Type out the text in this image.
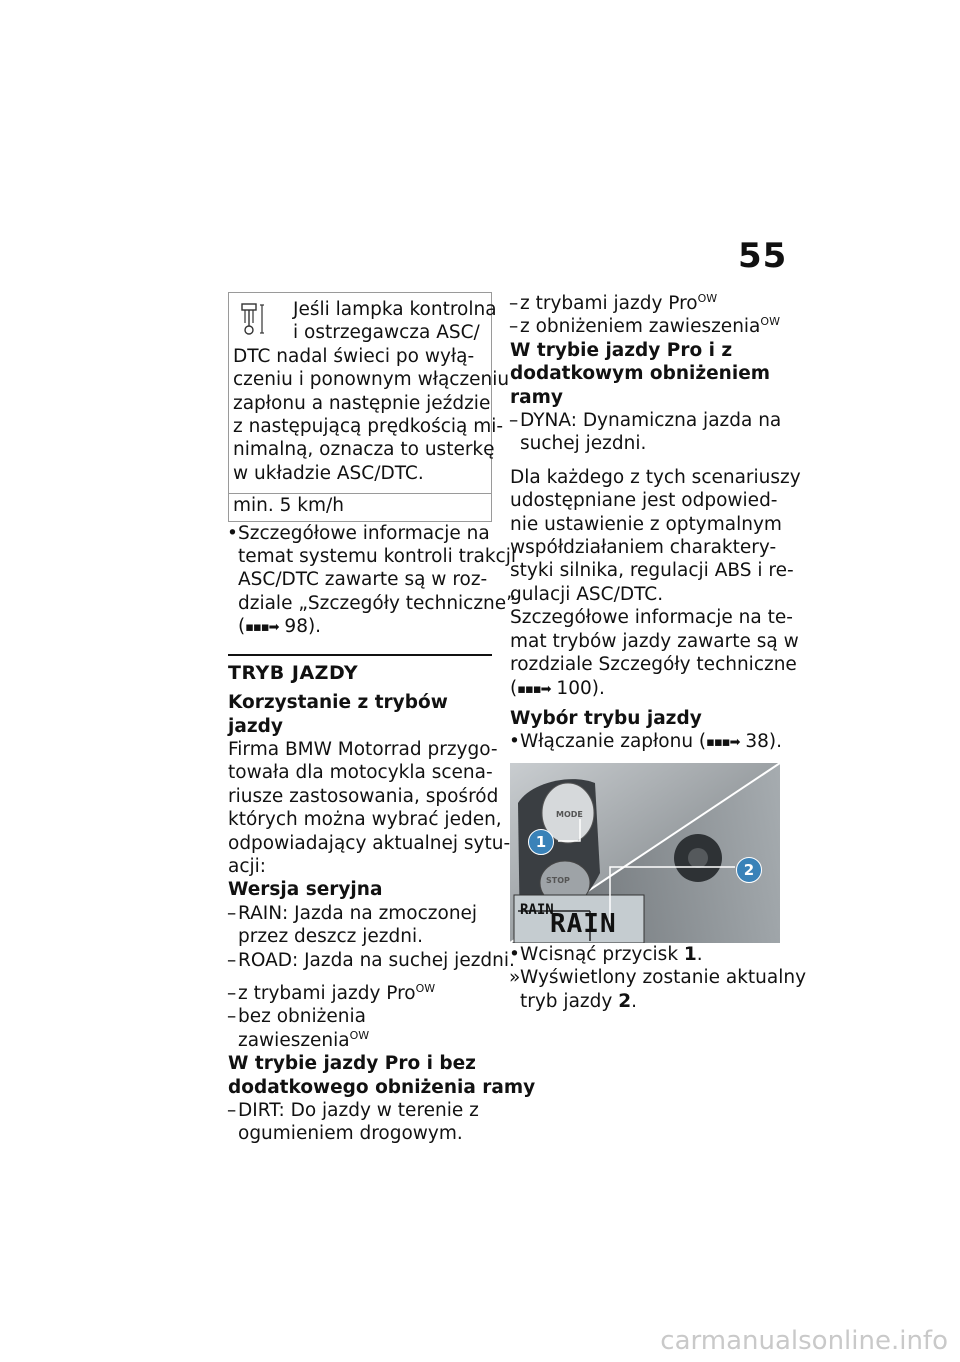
55
Jeśli lampka kontrolna
i ostrzegawcza ASC/
DTC nadal świeci po wyłą-
czeniu i ponownym włączeniu
zapłonu a następnie jeździe
z następującą prędkością mi-
nimalną, oznacza to usterkę
w układzie ASC/DTC.
min. 5 km/h
• Szczegółowe informacje na
temat systemu kontroli trakcji
ASC/DTC zawarte są w roz-
dziale „Szczegóły techniczne”
(▪▪▪➡ 98).
TRYB JAZDY
Korzystanie z trybów jazdy
Firma BMW Motorrad przygo-
towała dla motocykla scena-
riusze zastosowania, spośród
których można wybrać jeden,
odpowiadający aktualnej sytu-
acji:
Wersja seryjna
– RAIN: Jazda na zmoczonej
przez deszcz jezdni.
– ROAD: Jazda na suchej jezdni.
– z trybami jazdy Pro$^{OW}$
– bez obniżenia zawieszenia$^{OW}$
W trybie jazdy Pro i bez
dodatkowego obniżenia ramy
– DIRT: Do jazdy w terenie z
ogumieniem drogowym.
– z trybami jazdy Pro$^{OW}$
– z obniżeniem zawieszenia$^{OW}$
W trybie jazdy Pro i z
dodatkowym obniżeniem
ramy
– DYNA: Dynamiczna jazda na
suchej jezdni.
Dla każdego z tych scenariuszy
udostępniane jest odpowied-
nie ustawienie z optymalnym
współdziałaniem charaktery-
styki silnika, regulacji ABS i re-
gulacji ASC/DTC.
Szczegółowe informacje na te-
mat trybów jazdy zawarte są w
rozdziale Szczegóły techniczne
(▪▪▪➡ 100).
Wybór trybu jazdy
• Włączanie zapłonu (▪▪▪➡ 38).
MODE
STOP
RAIN
RAIN
1
2
• Wcisnąć przycisk 1.
» Wyświetlony zostanie aktualny
tryb jazdy 2.
carmanualsonline.info
